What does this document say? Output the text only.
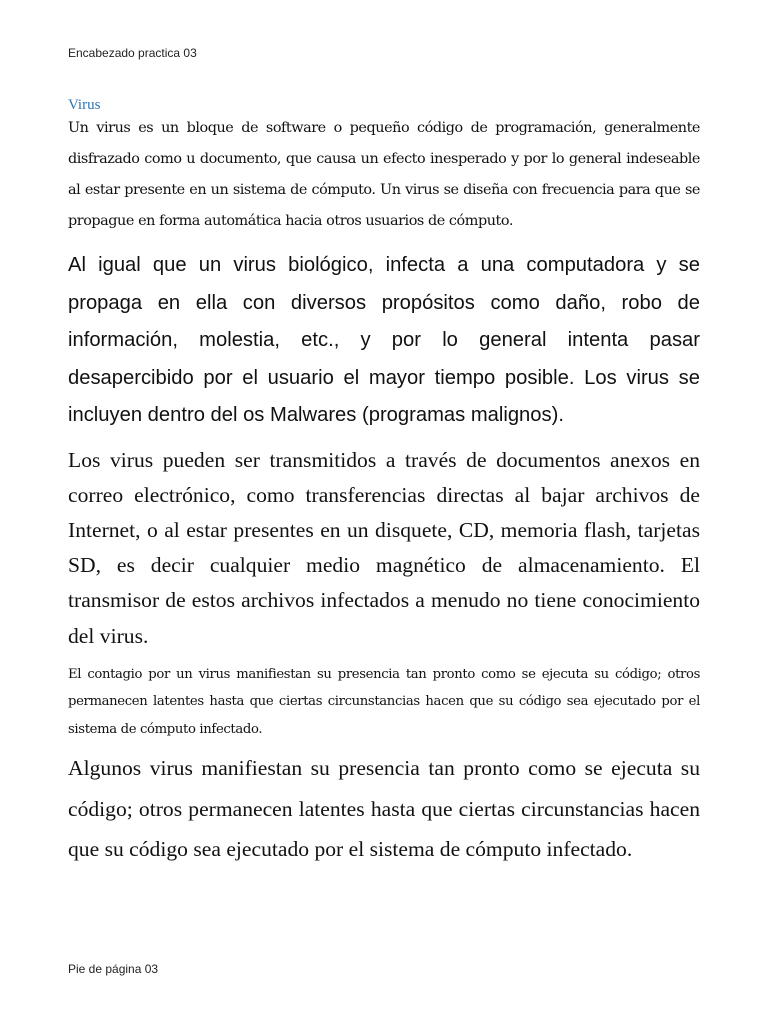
Encabezado practica 03
Virus

Un virus es un bloque de software o pequeño código de programación, generalmente disfrazado como u documento, que causa un efecto inesperado y por lo general indeseable al estar presente en un sistema de cómputo. Un virus se diseña con frecuencia para que se propague en forma automática hacia otros usuarios de cómputo.

Al igual que un virus biológico, infecta a una computadora y se propaga en ella con diversos propósitos como daño, robo de información, molestia, etc., y por lo general intenta pasar desapercibido por el usuario el mayor tiempo posible. Los virus se incluyen dentro del os Malwares (programas malignos).

Los virus pueden ser transmitidos a través de documentos anexos en correo electrónico, como transferencias directas al bajar archivos de Internet, o al estar presentes en un disquete, CD, memoria flash, tarjetas SD, es decir cualquier medio magnético de almacenamiento. El transmisor de estos archivos infectados a menudo no tiene conocimiento del virus.

El contagio por un virus manifiestan su presencia tan pronto como se ejecuta su código; otros permanecen latentes hasta que ciertas circunstancias hacen que su código sea ejecutado por el sistema de cómputo infectado.

Algunos virus manifiestan su presencia tan pronto como se ejecuta su código; otros permanecen latentes hasta que ciertas circunstancias hacen que su código sea ejecutado por el sistema de cómputo infectado.

Pie de página 03
